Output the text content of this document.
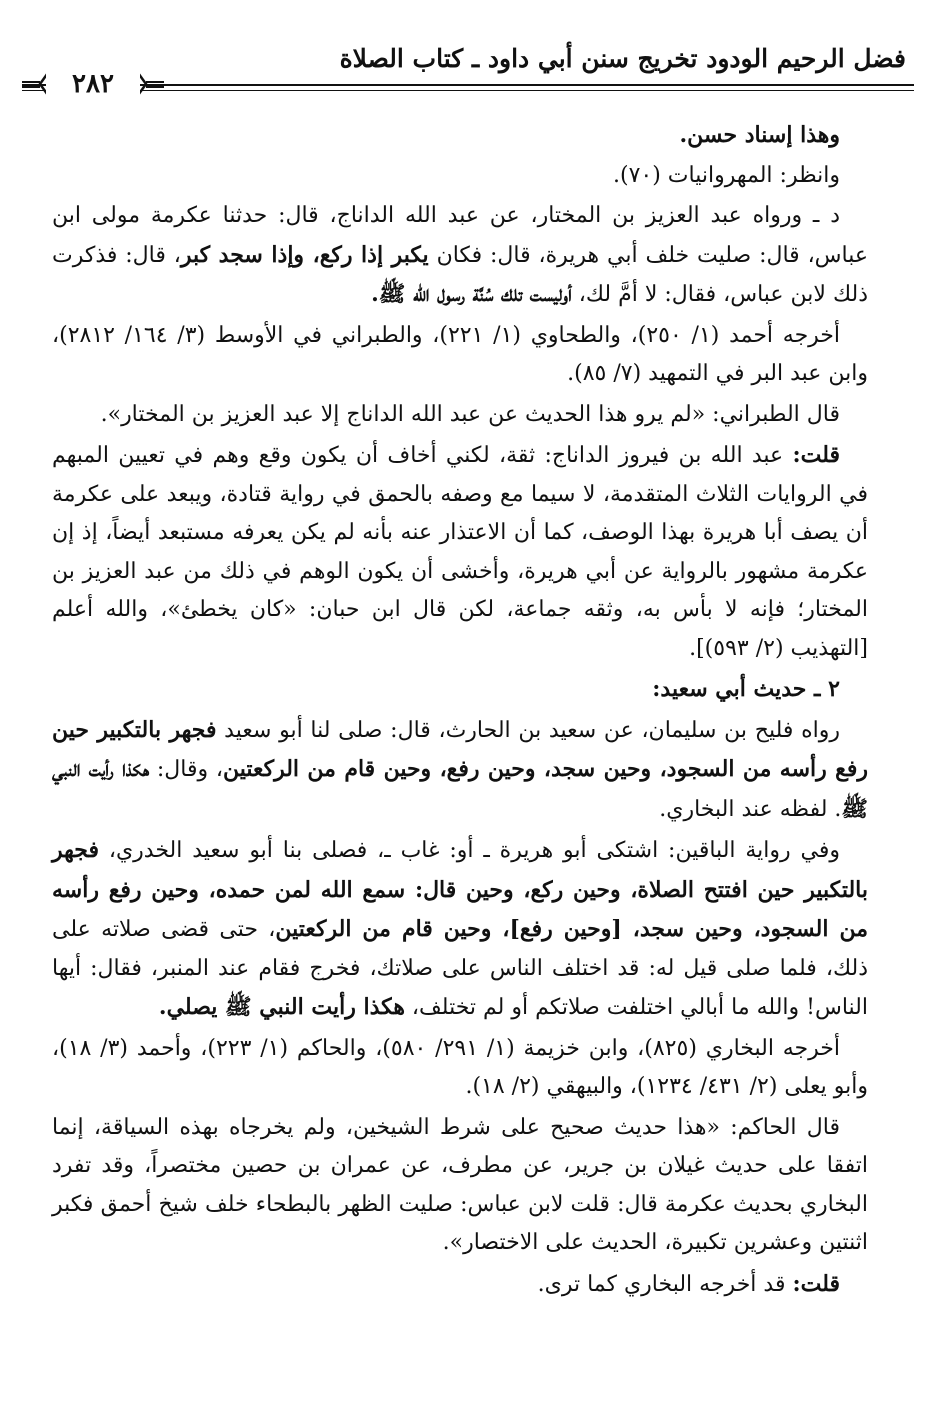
فضل الرحيم الودود تخريج سنن أبي داود ـ كتاب الصلاة
٢٨٢

وهذا إسناد حسن.

وانظر: المهروانيات (٧٠).

د ـ ورواه عبد العزيز بن المختار، عن عبد الله الداناج، قال: حدثنا عكرمة مولى ابن عباس، قال: صليت خلف أبي هريرة، قال: فكان يكبر إذا ركع، وإذا سجد كبر، قال: فذكرت ذلك لابن عباس، فقال: لا أمَّ لك، أوليست تلك سُنَّة رسول الله ﷺ.

أخرجه أحمد (١/ ٢٥٠)، والطحاوي (١/ ٢٢١)، والطبراني في الأوسط (٣/ ١٦٤/ ٢٨١٢)، وابن عبد البر في التمهيد (٧/ ٨٥).

قال الطبراني: «لم يرو هذا الحديث عن عبد الله الداناج إلا عبد العزيز بن المختار».

قلت: عبد الله بن فيروز الداناج: ثقة، لكني أخاف أن يكون وقع وهم في تعيين المبهم في الروايات الثلاث المتقدمة، لا سيما مع وصفه بالحمق في رواية قتادة، ويبعد على عكرمة أن يصف أبا هريرة بهذا الوصف، كما أن الاعتذار عنه بأنه لم يكن يعرفه مستبعد أيضاً، إذ إن عكرمة مشهور بالرواية عن أبي هريرة، وأخشى أن يكون الوهم في ذلك من عبد العزيز بن المختار؛ فإنه لا بأس به، وثقه جماعة، لكن قال ابن حبان: «كان يخطئ»، والله أعلم [التهذيب (٢/ ٥٩٣)].

٢ ـ حديث أبي سعيد:

رواه فليح بن سليمان، عن سعيد بن الحارث، قال: صلى لنا أبو سعيد فجهر بالتكبير حين رفع رأسه من السجود، وحين سجد، وحين رفع، وحين قام من الركعتين، وقال: هكذا رأيت النبي ﷺ. لفظه عند البخاري.

وفي رواية الباقين: اشتكى أبو هريرة ـ أو: غاب ـ، فصلى بنا أبو سعيد الخدري، فجهر بالتكبير حين افتتح الصلاة، وحين ركع، وحين قال: سمع الله لمن حمده، وحين رفع رأسه من السجود، وحين سجد، [وحين رفع]، وحين قام من الركعتين، حتى قضى صلاته على ذلك، فلما صلى قيل له: قد اختلف الناس على صلاتك، فخرج فقام عند المنبر، فقال: أيها الناس! والله ما أبالي اختلفت صلاتكم أو لم تختلف، هكذا رأيت النبي ﷺ يصلي.

أخرجه البخاري (٨٢٥)، وابن خزيمة (١/ ٢٩١/ ٥٨٠)، والحاكم (١/ ٢٢٣)، وأحمد (٣/ ١٨)، وأبو يعلى (٢/ ٤٣١/ ١٢٣٤)، والبيهقي (٢/ ١٨).

قال الحاكم: «هذا حديث صحيح على شرط الشيخين، ولم يخرجاه بهذه السياقة، إنما اتفقا على حديث غيلان بن جرير، عن مطرف، عن عمران بن حصين مختصراً، وقد تفرد البخاري بحديث عكرمة قال: قلت لابن عباس: صليت الظهر بالبطحاء خلف شيخ أحمق فكبر اثنتين وعشرين تكبيرة، الحديث على الاختصار».

قلت: قد أخرجه البخاري كما ترى.
